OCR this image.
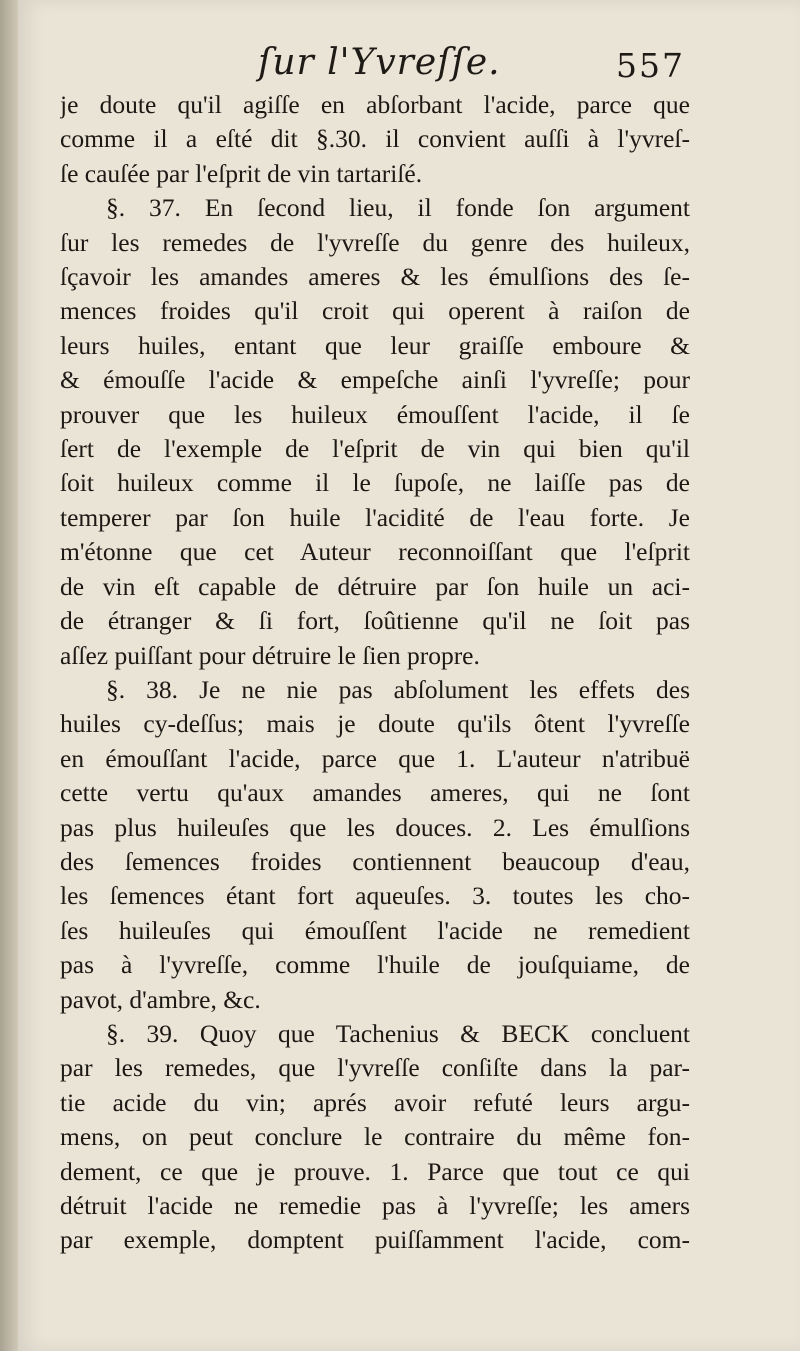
ſur l'Yvreſſe.	557
je doute qu'il agiſſe en abſorbant l'acide, parce que
comme il a eſté dit §.30. il convient auſſi à l'yvreſ-
ſe cauſée par l'eſprit de vin tartariſé.
§. 37. En ſecond lieu, il fonde ſon argument
ſur les remedes de l'yvreſſe du genre des huileux,
ſçavoir les amandes ameres & les émulſions des ſe-
mences froides qu'il croit qui operent à raiſon de
leurs huiles, entant que leur graiſſe emboure &
& émouſſe l'acide & empeſche ainſi l'yvreſſe; pour
prouver que les huileux émouſſent l'acide, il ſe
ſert de l'exemple de l'eſprit de vin qui bien qu'il
ſoit huileux comme il le ſupoſe, ne laiſſe pas de
temperer par ſon huile l'acidité de l'eau forte. Je
m'étonne que cet Auteur reconnoiſſant que l'eſprit
de vin eſt capable de détruire par ſon huile un aci-
de étranger & ſi fort, ſoûtienne qu'il ne ſoit pas
aſſez puiſſant pour détruire le ſien propre.
§. 38. Je ne nie pas abſolument les effets des
huiles cy-deſſus; mais je doute qu'ils ôtent l'yvreſſe
en émouſſant l'acide, parce que 1. L'auteur n'atribuë
cette vertu qu'aux amandes ameres, qui ne ſont
pas plus huileuſes que les douces. 2. Les émulſions
des ſemences froides contiennent beaucoup d'eau,
les ſemences étant fort aqueuſes. 3. toutes les cho-
ſes huileuſes qui émouſſent l'acide ne remedient
pas à l'yvreſſe, comme l'huile de jouſquiame, de
pavot, d'ambre, &c.
§. 39. Quoy que Tachenius & BECK concluent
par les remedes, que l'yvreſſe conſiſte dans la par-
tie acide du vin; aprés avoir refuté leurs argu-
mens, on peut conclure le contraire du même fon-
dement, ce que je prouve. 1. Parce que tout ce qui
détruit l'acide ne remedie pas à l'yvreſſe; les amers
par exemple, domptent puiſſamment l'acide, com-
